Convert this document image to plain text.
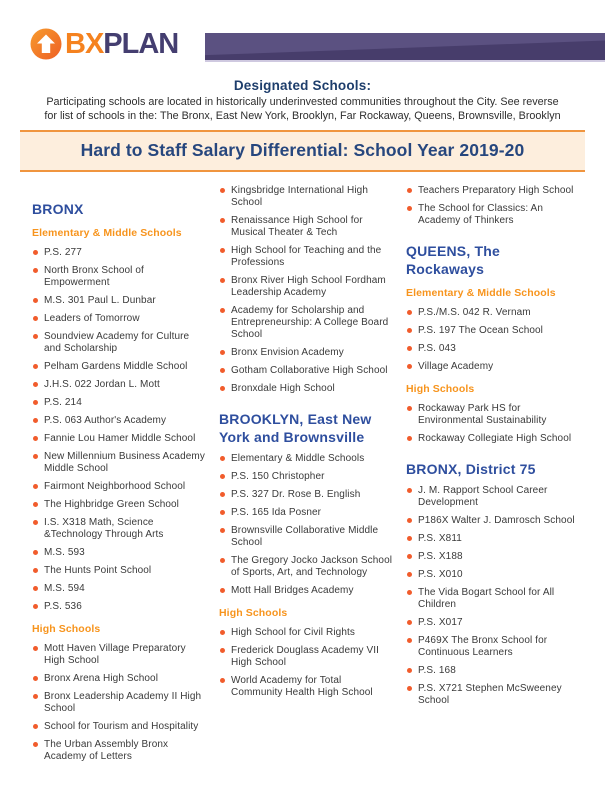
BXPLAN
Designated Schools:

Participating schools are located in historically underinvested communities throughout the City. See reverse
for list of schools in the: The Bronx, East New York, Brooklyn, Far Rockaway, Queens, Brownsville, Brooklyn

Hard to Staff Salary Differential: School Year 2019-20
BRONX
Elementary & Middle Schools
P.S. 277
North Bronx School of Empowerment
M.S. 301 Paul L. Dunbar
Leaders of Tomorrow
Soundview Academy for Culture and Scholarship
Pelham Gardens Middle School
J.H.S. 022 Jordan L. Mott
P.S. 214
P.S. 063 Author's Academy
Fannie Lou Hamer Middle School
New Millennium Business Academy Middle School
Fairmont Neighborhood School
The Highbridge Green School
I.S. X318 Math, Science &Technology Through Arts
M.S. 593
The Hunts Point School
M.S. 594
P.S. 536
High Schools
Mott Haven Village Preparatory High School
Bronx Arena High School
Bronx Leadership Academy II High School
School for Tourism and Hospitality
The Urban Assembly Bronx Academy of Letters
Kingsbridge International High School
Renaissance High School for Musical Theater & Tech
High School for Teaching and the Professions
Bronx River High School Fordham Leadership Academy
Academy for Scholarship and Entrepreneurship: A College Board School
Bronx Envision Academy
Gotham Collaborative High School
Bronxdale High School
BROOKLYN, East New York and Brownsville
Elementary & Middle Schools
P.S. 150 Christopher
P.S. 327 Dr. Rose B. English
P.S. 165 Ida Posner
Brownsville Collaborative Middle School
The Gregory Jocko Jackson School of Sports, Art, and Technology
Mott Hall Bridges Academy
High Schools
High School for Civil Rights
Frederick Douglass Academy VII High School
World Academy for Total Community Health High School
Teachers Preparatory High School
The School for Classics: An Academy of Thinkers
QUEENS, The Rockaways
Elementary & Middle Schools
P.S./M.S. 042 R. Vernam
P.S. 197 The Ocean School
P.S. 043
Village Academy
High Schools
Rockaway Park HS for Environmental Sustainability
Rockaway Collegiate High School
BRONX, District 75
J. M. Rapport School Career Development
P186X Walter J. Damrosch School
P.S. X811
P.S. X188
P.S. X010
The Vida Bogart School for All Children
P.S. X017
P469X The Bronx School for Continuous Learners
P.S. 168
P.S. X721 Stephen McSweeney School
